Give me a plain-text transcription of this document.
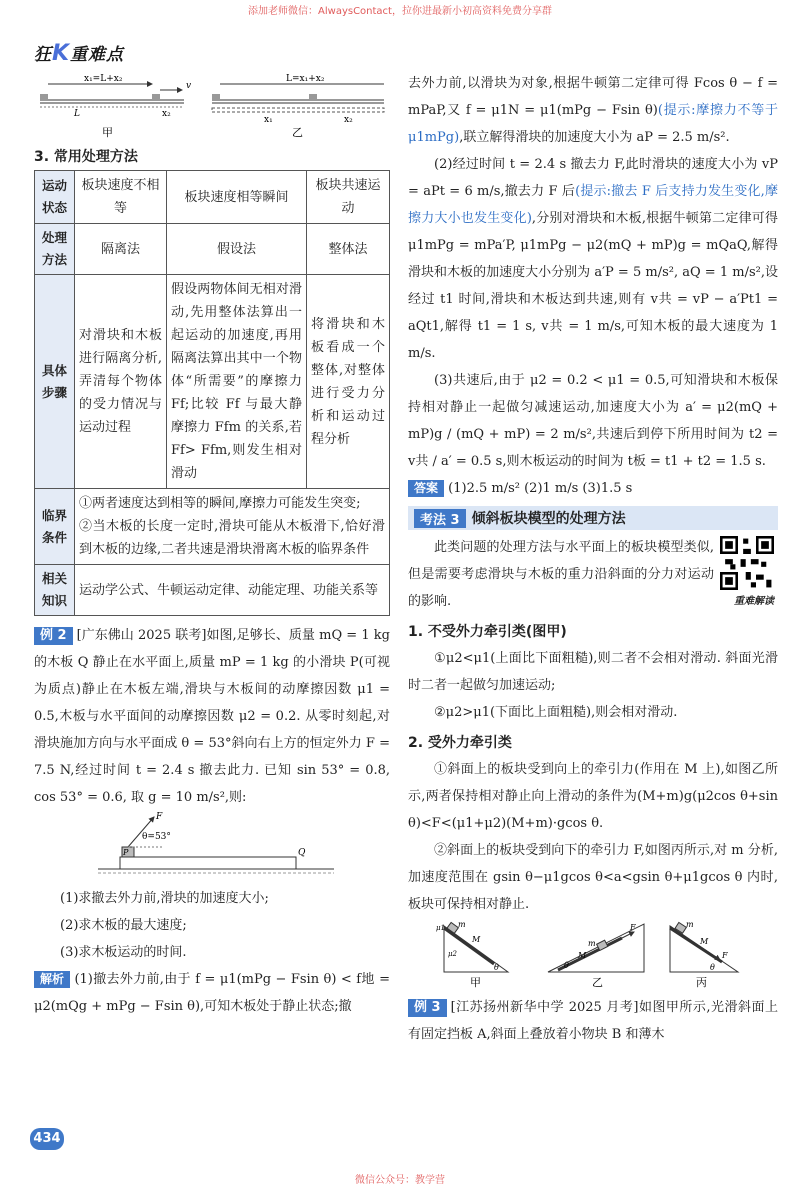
添加老师微信：AlwaysContact，拉你进最新小初高资料免费分享群
狂K重难点
x₁=L+x₂
v
L	x₂
甲
L=x₁+x₂
x₁	x₂
乙
3. 常用处理方法
运动状态	板块速度不相等	板块速度相等瞬间	板块共速运动
处理方法	隔离法	假设法	整体法
具体步骤	对滑块和木板进行隔离分析,弄清每个物体的受力情况与运动过程	假设两物体间无相对滑动,先用整体法算出一起运动的加速度,再用隔离法算出其中一个物体“所需要”的摩擦力 Ff;比较 Ff 与最大静摩擦力 Ffm 的关系,若 Ff> Ffm,则发生相对滑动	将滑块和木板看成一个整体,对整体进行受力分析和运动过程分析
临界条件	①两者速度达到相等的瞬间,摩擦力可能发生突变;
②当木板的长度一定时,滑块可能从木板滑下,恰好滑到木板的边缘,二者共速是滑块滑离木板的临界条件		

相关知识	运动学公式、牛顿运动定律、动能定理、功能关系等		

例 2 [广东佛山 2025 联考]如图,足够长、质量 mQ = 1 kg 的木板 Q 静止在水平面上,质量 mP = 1 kg 的小滑块 P(可视为质点)静止在木板左端,滑块与木板间的动摩擦因数 μ1 = 0.5,木板与水平面间的动摩擦因数 μ2 = 0.2. 从零时刻起,对滑块施加方向与水平面成 θ = 53°斜向右上方的恒定外力 F = 7.5 N,经过时间 t = 2.4 s 撤去此力. 已知 sin 53° = 0.8, cos 53° = 0.6, 取 g = 10 m/s²,则:

F
θ=53°
P	Q

(1)求撤去外力前,滑块的加速度大小;

(2)求木板的最大速度;

(3)求木板运动的时间.

解析 (1)撤去外力前,由于 f = μ1(mPg − Fsin θ) < f地 = μ2(mQg + mPg − Fsin θ),可知木板处于静止状态;撤

434

去外力前,以滑块为对象,根据牛顿第二定律可得 Fcos θ − f = mPaP,又 f = μ1N = μ1(mPg − Fsin θ)(提示:摩擦力不等于 μ1mPg),联立解得滑块的加速度大小为 aP = 2.5 m/s².

(2)经过时间 t = 2.4 s 撤去力 F,此时滑块的速度大小为 vP = aPt = 6 m/s,撤去力 F 后(提示:撤去 F 后支持力发生变化,摩擦力大小也发生变化),分别对滑块和木板,根据牛顿第二定律可得 μ1mPg = mPa′P, μ1mPg − μ2(mQ + mP)g = mQaQ,解得滑块和木板的加速度大小分别为 a′P = 5 m/s², aQ = 1 m/s²,设经过 t1 时间,滑块和木板达到共速,则有 v共 = vP − a′Pt1 = aQt1,解得 t1 = 1 s, v共 = 1 m/s,可知木板的最大速度为 1 m/s.

(3)共速后,由于 μ2 = 0.2 < μ1 = 0.5,可知滑块和木板保持相对静止一起做匀减速运动,加速度大小为 a′ = μ2(mQ + mP)g / (mQ + mP) = 2 m/s²,共速后到停下所用时间为 t2 = v共 / a′ = 0.5 s,则木板运动的时间为 t板 = t1 + t2 = 1.5 s.

答案 (1)2.5 m/s² (2)1 m/s (3)1.5 s

考法 3 倾斜板块模型的处理方法

此类问题的处理方法与水平面上的板块模型类似,但是需要考虑滑块与木板的重力沿斜面的分力对运动的影响.	重难解读
1. 不受外力牵引类(图甲)

①μ2<μ1(上面比下面粗糙),则二者不会相对滑动. 斜面光滑时二者一起做匀加速运动;

②μ2>μ1(下面比上面粗糙),则会相对滑动.

2. 受外力牵引类

①斜面上的板块受到向上的牵引力(作用在 M 上),如图乙所示,两者保持相对静止向上滑动的条件为(M+m)g(μ2cos θ+sin θ)<F<(μ1+μ2)(M+m)·gcos θ.

②斜面上的板块受到向下的牵引力 F,如图丙所示,对 m 分析,加速度范围在 gsin θ−μ1gcos θ<a<gsin θ+μ1gcos θ 内时,板块可保持相对静止.

m
M
μ1
μ2
θ
甲
m
M
F
θ
乙
m
M
F
θ
丙

例 3 [江苏扬州新华中学 2025 月考]如图甲所示,光滑斜面上有固定挡板 A,斜面上叠放着小物块 B 和薄木

微信公众号：教学营
